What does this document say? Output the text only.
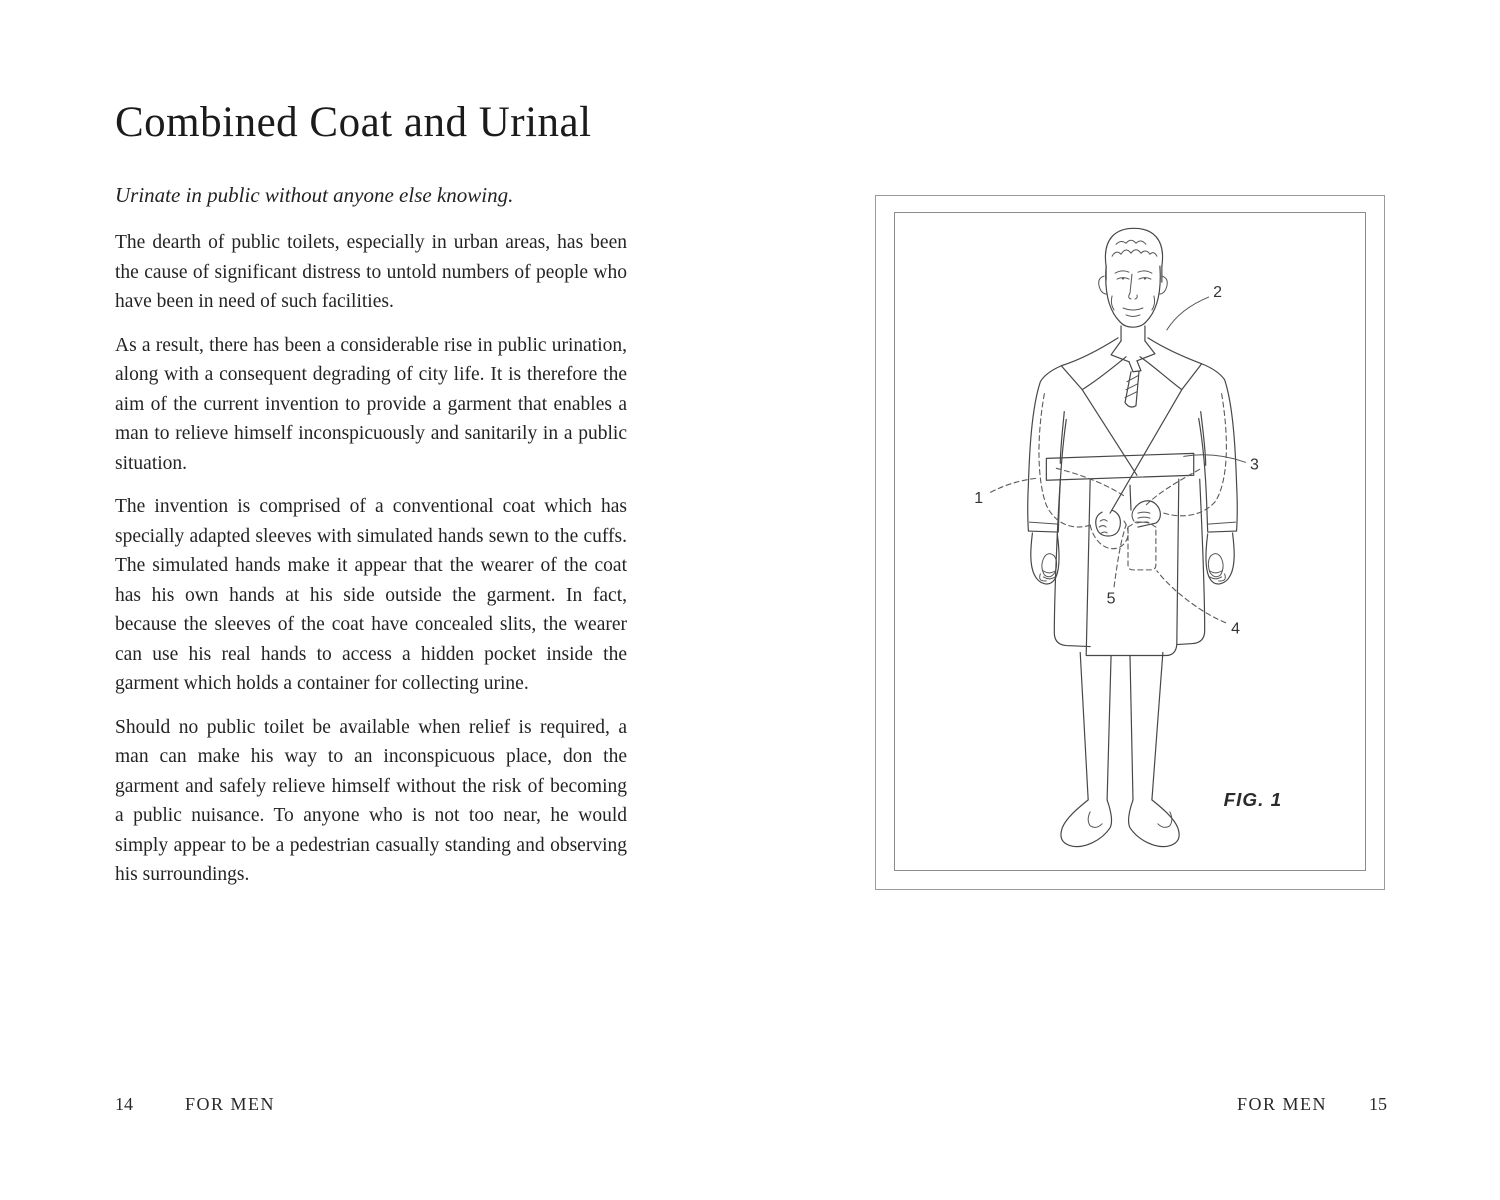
Combined Coat and Urinal
Urinate in public without anyone else knowing.

The dearth of public toilets, especially in urban areas, has been the cause of significant distress to untold numbers of people who have been in need of such facilities.

As a result, there has been a considerable rise in public urination, along with a consequent degrading of city life. It is therefore the aim of the current invention to provide a garment that enables a man to relieve himself inconspicuously and sanitarily in a public situation.

The invention is comprised of a conventional coat which has specially adapted sleeves with simulated hands sewn to the cuffs. The simulated hands make it appear that the wearer of the coat has his own hands at his side outside the garment. In fact, because the sleeves of the coat have concealed slits, the wearer can use his real hands to access a hidden pocket inside the garment which holds a container for collecting urine.

Should no public toilet be available when relief is required, a man can make his way to an inconspicuous place, don the garment and safely relieve himself without the risk of becoming a public nuisance. To anyone who is not too near, he would simply appear to be a pedestrian casually standing and observing his surroundings.

14	FOR MEN	FOR MEN 15
1
2
3
4
5
FIG. 1
